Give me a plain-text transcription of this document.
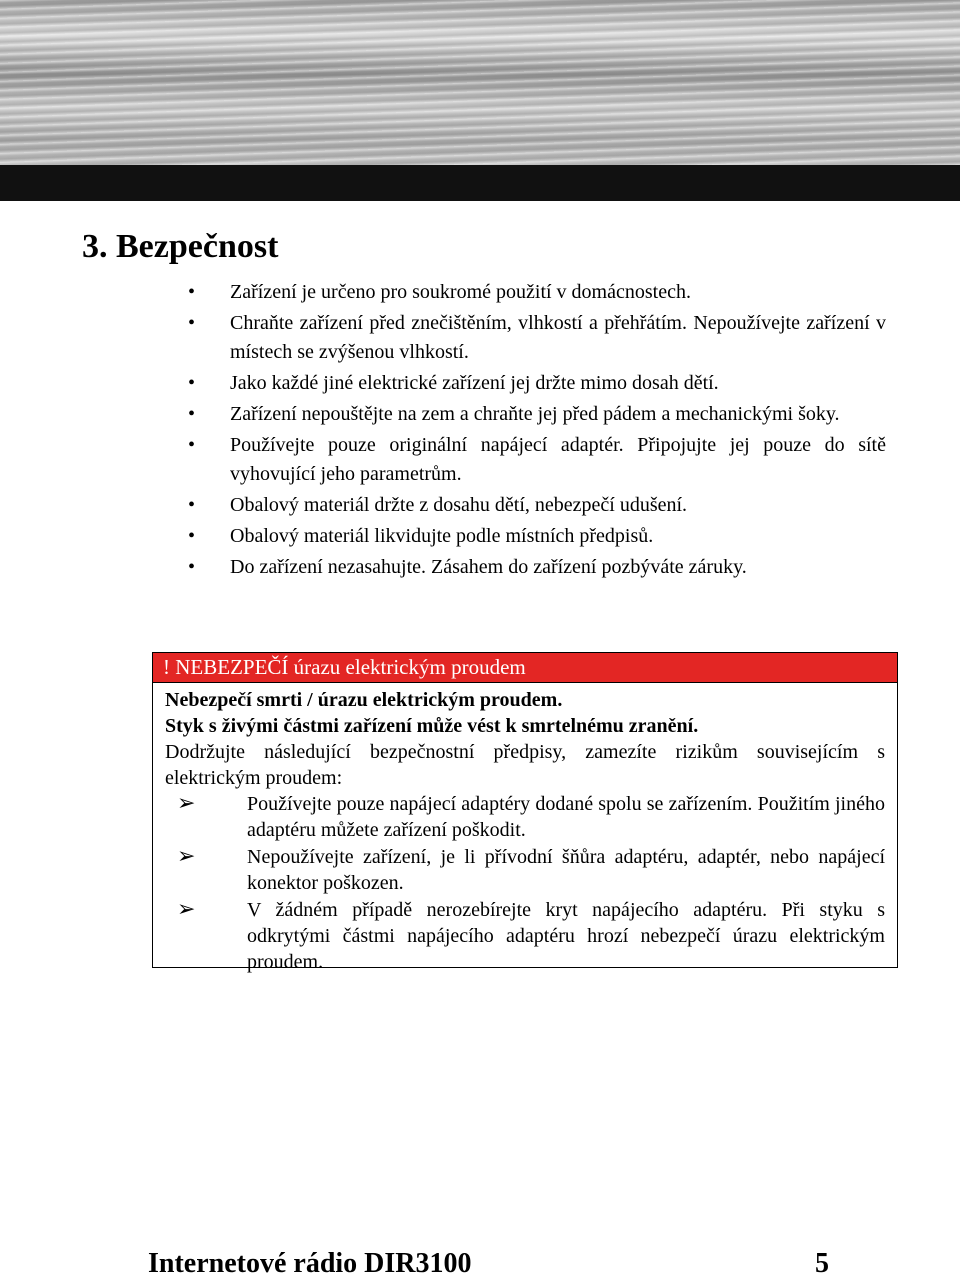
3. Bezpečnost
• Zařízení je určeno pro soukromé použití v domácnostech.
• Chraňte zařízení před znečištěním, vlhkostí a přehřátím. Nepoužívejte zařízení v místech se zvýšenou vlhkostí.
• Jako každé jiné elektrické zařízení jej držte mimo dosah dětí.
• Zařízení nepouštějte na zem a chraňte jej před pádem a mechanickými šoky.
• Používejte pouze originální napájecí adaptér. Připojujte jej pouze do sítě vyhovující jeho parametrům.
• Obalový materiál držte z dosahu dětí, nebezpečí udušení.
• Obalový materiál likvidujte podle místních předpisů.
• Do zařízení nezasahujte. Zásahem do zařízení pozbýváte záruky.
! NEBEZPEČÍ úrazu elektrickým proudem

Nebezpečí smrti / úrazu elektrickým proudem.

Styk s živými částmi zařízení může vést k smrtelnému zranění.

Dodržujte následující bezpečnostní předpisy, zamezíte rizikům souvisejícím s elektrickým proudem:

➢	Používejte pouze napájecí adaptéry dodané spolu se zařízením. Použitím jiného adaptéru můžete zařízení poškodit.
➢	Nepoužívejte zařízení, je li přívodní šňůra adaptéru, adaptér, nebo napájecí konektor poškozen.
➢	V žádném případě nerozebírejte kryt napájecího adaptéru. Při styku s odkrytými částmi napájecího adaptéru hrozí nebezpečí úrazu elektrickým proudem.
Internetové rádio DIR3100	5
